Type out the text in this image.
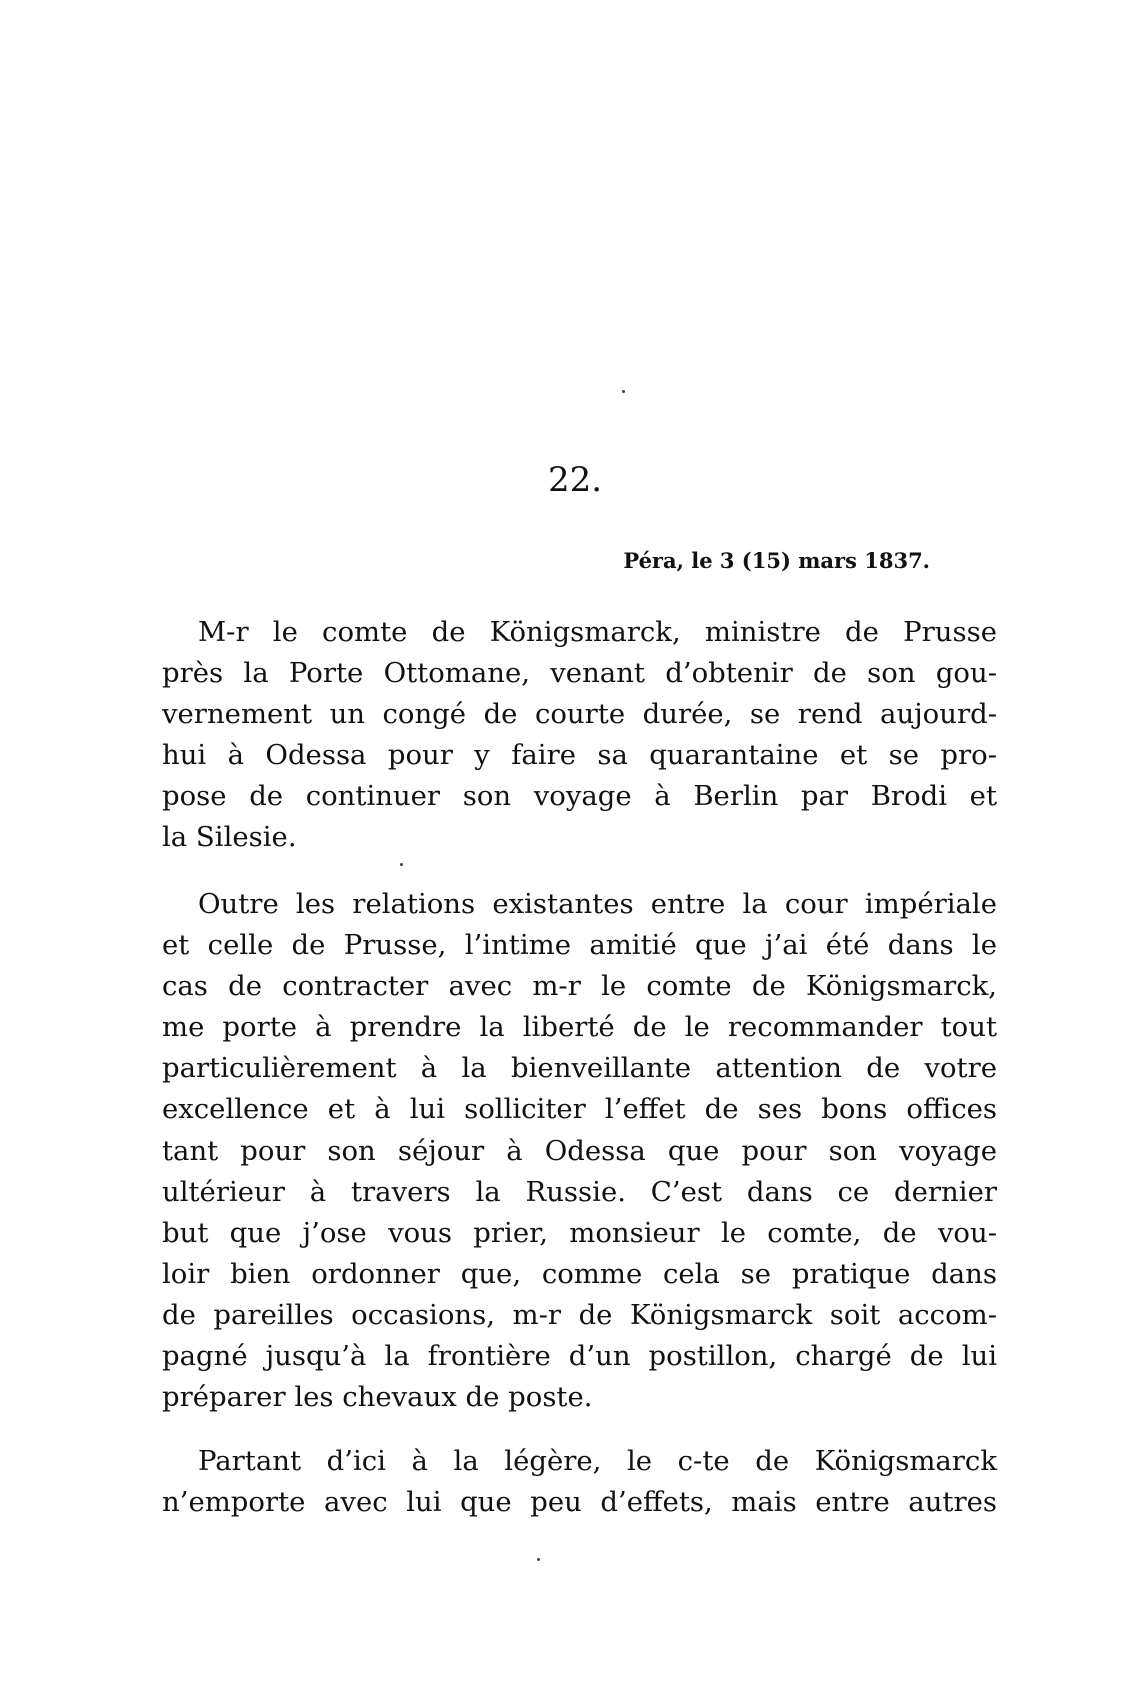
22.
Péra, le 3 (15) mars 1837.
M-r le comte de Königsmarck, ministre de Prusse
près la Porte Ottomane, venant d’obtenir de son gou-
vernement un congé de courte durée, se rend aujourd-
hui à Odessa pour y faire sa quarantaine et se pro-
pose de continuer son voyage à Berlin par Brodi et
la Silesie.
Outre les relations existantes entre la cour impériale
et celle de Prusse, l’intime amitié que j’ai été dans le
cas de contracter avec m-r le comte de Königsmarck,
me porte à prendre la liberté de le recommander tout
particulièrement à la bienveillante attention de votre
excellence et à lui solliciter l’effet de ses bons offices
tant pour son séjour à Odessa que pour son voyage
ultérieur à travers la Russie. C’est dans ce dernier
but que j’ose vous prier, monsieur le comte, de vou-
loir bien ordonner que, comme cela se pratique dans
de pareilles occasions, m-r de Königsmarck soit accom-
pagné jusqu’à la frontière d’un postillon, chargé de lui
préparer les chevaux de poste.
Partant d’ici à la légère, le c-te de Königsmarck
n’emporte avec lui que peu d’effets, mais entre autres
